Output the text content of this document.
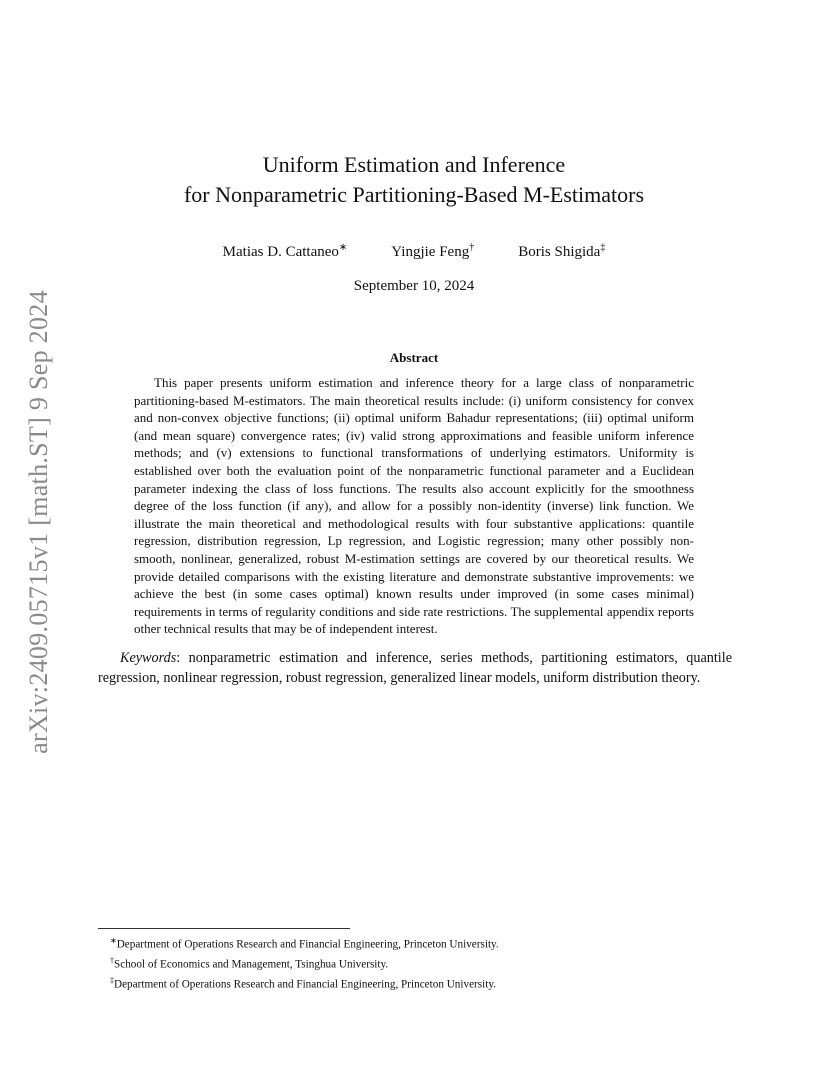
arXiv:2409.05715v1 [math.ST] 9 Sep 2024
Uniform Estimation and Inference
for Nonparametric Partitioning-Based M-Estimators
Matias D. Cattaneo∗	Yingjie Feng†	Boris Shigida‡
September 10, 2024
Abstract

This paper presents uniform estimation and inference theory for a large class of nonparametric partitioning-based M-estimators. The main theoretical results include: (i) uniform consistency for convex and non-convex objective functions; (ii) optimal uniform Bahadur representations; (iii) optimal uniform (and mean square) convergence rates; (iv) valid strong approximations and feasible uniform inference methods; and (v) extensions to functional transformations of underlying estimators. Uniformity is established over both the evaluation point of the nonparametric functional parameter and a Euclidean parameter indexing the class of loss functions. The results also account explicitly for the smoothness degree of the loss function (if any), and allow for a possibly non-identity (inverse) link function. We illustrate the main theoretical and methodological results with four substantive applications: quantile regression, distribution regression, Lp regression, and Logistic regression; many other possibly non-smooth, nonlinear, generalized, robust M-estimation settings are covered by our theoretical results. We provide detailed comparisons with the existing literature and demonstrate substantive improvements: we achieve the best (in some cases optimal) known results under improved (in some cases minimal) requirements in terms of regularity conditions and side rate restrictions. The supplemental appendix reports other technical results that may be of independent interest.

Keywords: nonparametric estimation and inference, series methods, partitioning estimators, quantile regression, nonlinear regression, robust regression, generalized linear models, uniform distribution theory.

∗Department of Operations Research and Financial Engineering, Princeton University.
†School of Economics and Management, Tsinghua University.
‡Department of Operations Research and Financial Engineering, Princeton University.
